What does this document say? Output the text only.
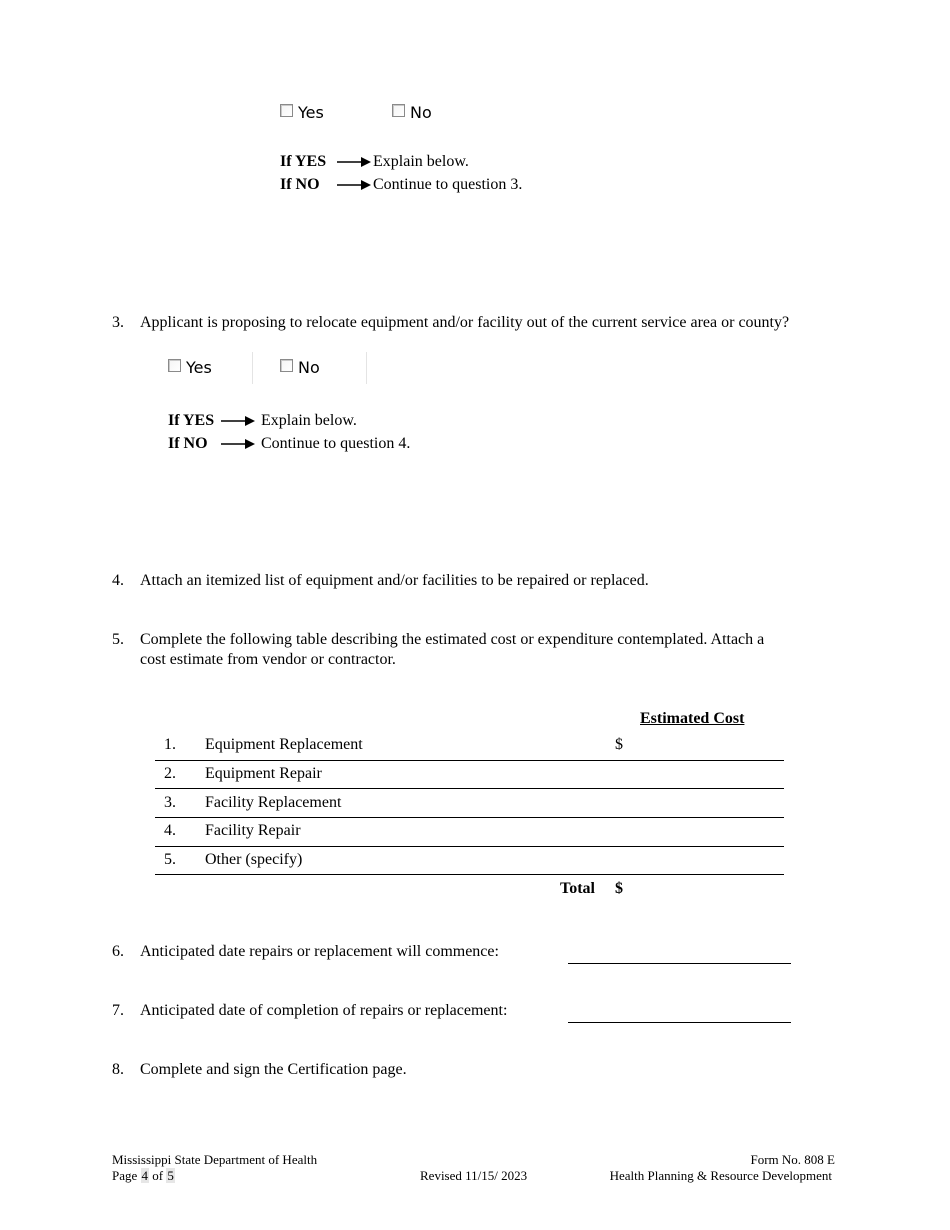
Yes	No
If YES	Explain below.
If NO	Continue to question 3.
3. Applicant is proposing to relocate equipment and/or facility out of the current service area or county?
Yes	No
If YES	Explain below.
If NO	Continue to question 4.
4. Attach an itemized list of equipment and/or facilities to be repaired or replaced.
5. Complete the following table describing the estimated cost or expenditure contemplated. Attach a
cost estimate from vendor or contractor.
Estimated Cost
1. Equipment Replacement	$
2. Equipment Repair
3. Facility Replacement
4. Facility Repair
5. Other (specify)
Total $
6. Anticipated date repairs or replacement will commence:
7. Anticipated date of completion of repairs or replacement:
8. Complete and sign the Certification page.
Mississippi State Department of Health
Page 4 of 5	Revised 11/15/ 2023
Form No. 808 E
Health Planning & Resource Development
